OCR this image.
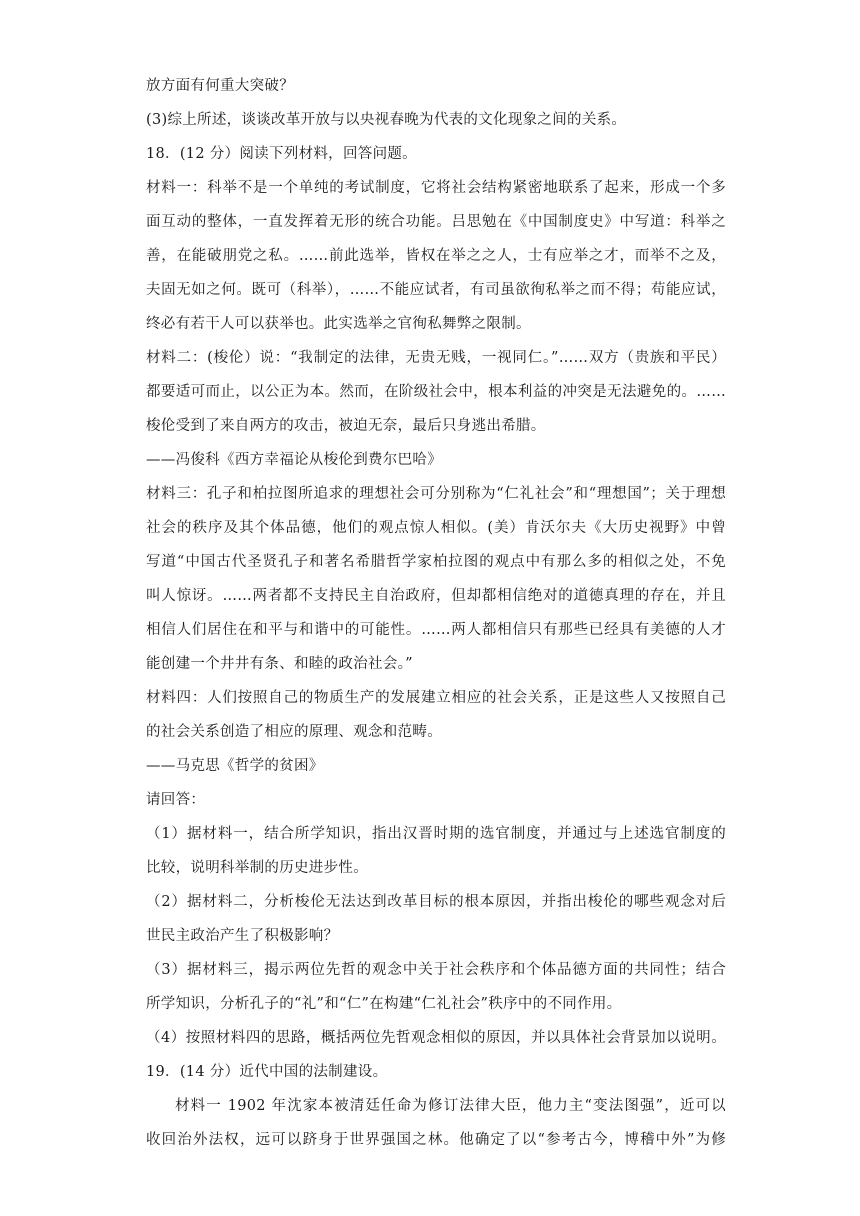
放方面有何重大突破？
(3)综上所述，谈谈改革开放与以央视春晚为代表的文化现象之间的关系。
18．(12 分）阅读下列材料，回答问题。
材料一：科举不是一个单纯的考试制度，它将社会结构紧密地联系了起来，形成一个多
面互动的整体，一直发挥着无形的统合功能。吕思勉在《中国制度史》中写道：科举之
善，在能破朋党之私。……前此选举，皆权在举之之人，士有应举之才，而举不之及，
夫固无如之何。既可（科举），……不能应试者，有司虽欲徇私举之而不得；苟能应试，
终必有若干人可以获举也。此实选举之官徇私舞弊之限制。
材料二：(梭伦）说：“我制定的法律，无贵无贱，一视同仁。”……双方（贵族和平民）
都要适可而止，以公正为本。然而，在阶级社会中，根本利益的冲突是无法避免的。……
梭伦受到了来自两方的攻击，被迫无奈，最后只身逃出希腊。
——冯俊科《西方幸福论从梭伦到费尔巴哈》
材料三：孔子和柏拉图所追求的理想社会可分别称为“仁礼社会”和“理想国”；关于理想
社会的秩序及其个体品德，他们的观点惊人相似。(美）肯沃尔夫《大历史视野》中曾
写道“中国古代圣贤孔子和著名希腊哲学家柏拉图的观点中有那么多的相似之处，不免
叫人惊讶。……两者都不支持民主自治政府，但却都相信绝对的道德真理的存在，并且
相信人们居住在和平与和谐中的可能性。……两人都相信只有那些已经具有美德的人才
能创建一个井井有条、和睦的政治社会。”
材料四：人们按照自己的物质生产的发展建立相应的社会关系，正是这些人又按照自己
的社会关系创造了相应的原理、观念和范畴。
——马克思《哲学的贫困》
请回答：
（1）据材料一，结合所学知识，指出汉晋时期的选官制度，并通过与上述选官制度的
比较，说明科举制的历史进步性。
（2）据材料二，分析梭伦无法达到改革目标的根本原因，并指出梭伦的哪些观念对后
世民主政治产生了积极影响？
（3）据材料三，揭示两位先哲的观念中关于社会秩序和个体品德方面的共同性；结合
所学知识，分析孔子的“礼”和“仁”在构建“仁礼社会”秩序中的不同作用。
（4）按照材料四的思路，概括两位先哲观念相似的原因，并以具体社会背景加以说明。
19．(14 分）近代中国的法制建设。
材料一 1902 年沈家本被清廷任命为修订法律大臣，他力主“变法图强”，近可以
收回治外法权，远可以跻身于世界强国之林。他确定了以“参考古今，博稽中外”为修
